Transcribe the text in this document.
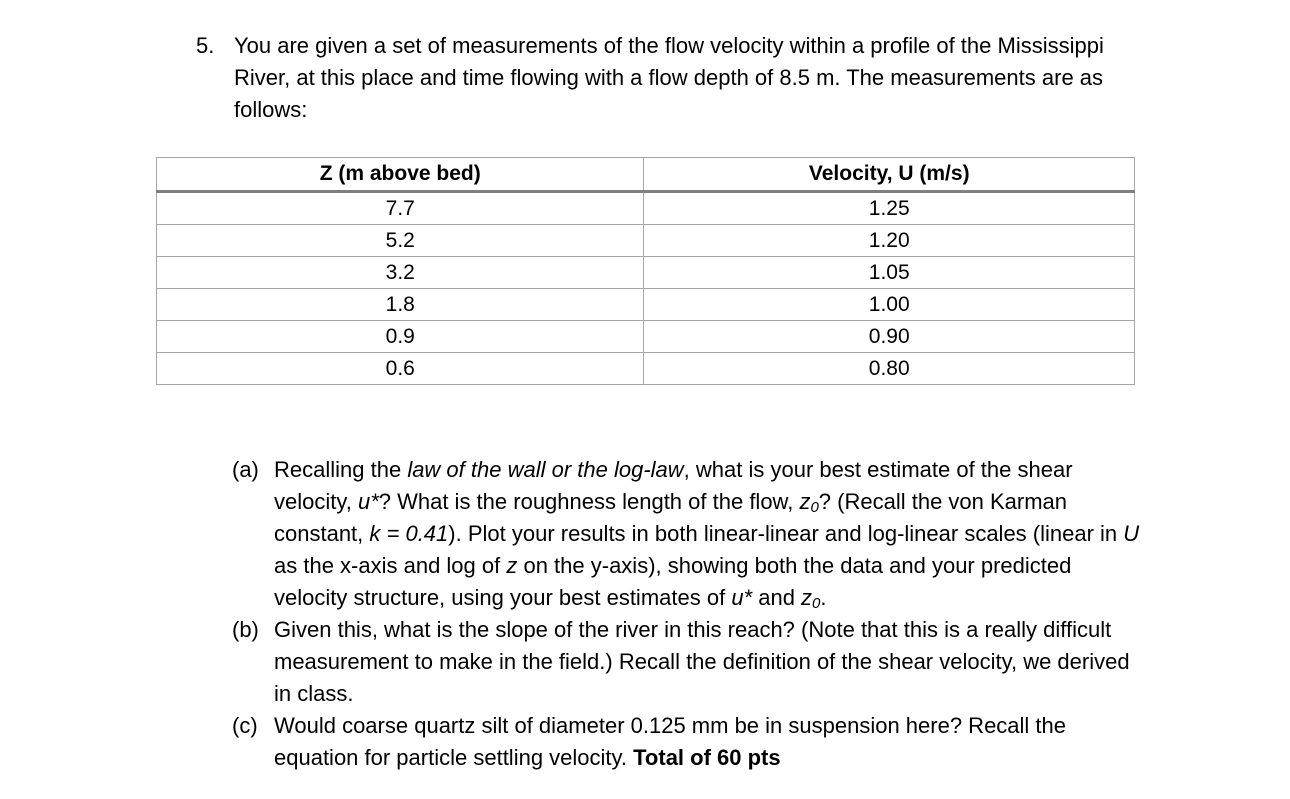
5. You are given a set of measurements of the flow velocity within a profile of the Mississippi River, at this place and time flowing with a flow depth of 8.5 m. The measurements are as follows:
Z (m above bed)	Velocity, U (m/s)
7.7	1.25
5.2	1.20
3.2	1.05
1.8	1.00
0.9	0.90
0.6	0.80
(a) Recalling the law of the wall or the log-law, what is your best estimate of the shear velocity, u*? What is the roughness length of the flow, $z_0$? (Recall the von Karman constant, k = 0.41). Plot your results in both linear-linear and log-linear scales (linear in U as the x-axis and log of z on the y-axis), showing both the data and your predicted velocity structure, using your best estimates of u* and $z_0$.
(b) Given this, what is the slope of the river in this reach? (Note that this is a really difficult measurement to make in the field.) Recall the definition of the shear velocity, we derived in class.
(c) Would coarse quartz silt of diameter 0.125 mm be in suspension here? Recall the equation for particle settling velocity. Total of 60 pts
